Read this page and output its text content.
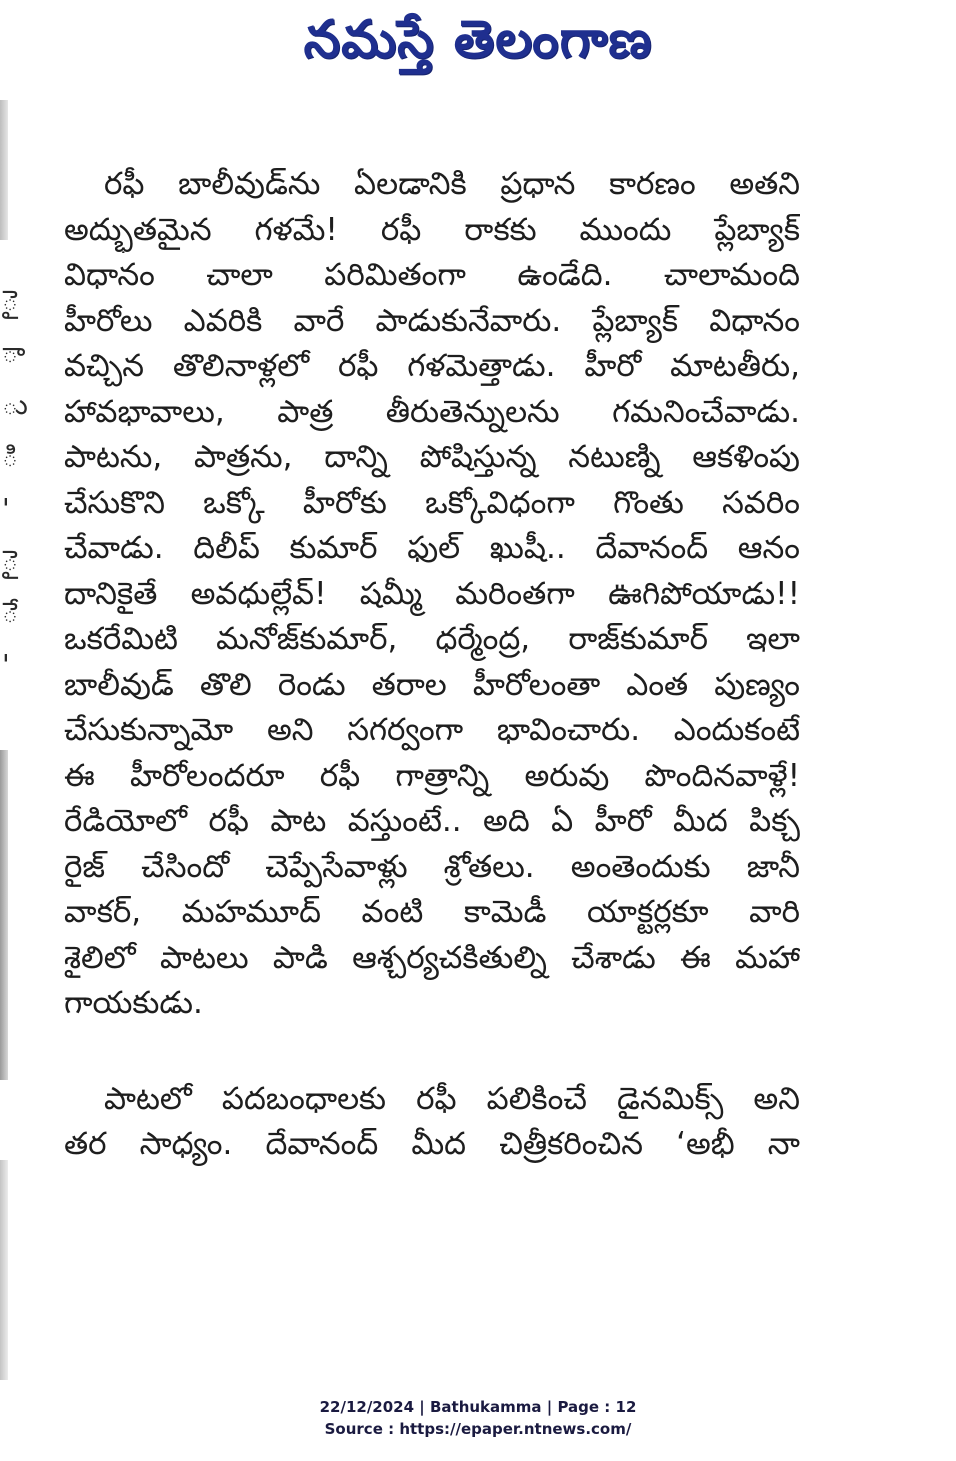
నమస్తే తెలంగాణ
ై
ా
ు
ి
'
ై
ే
'

రఫీ బాలీవుడ్‌ను ఏలడానికి ప్రధాన కారణం అతని
అద్భుతమైన గళమే! రఫీ రాకకు ముందు ప్లేబ్యాక్
విధానం చాలా పరిమితంగా ఉండేది. చాలామంది
హీరోలు ఎవరికి వారే పాడుకునేవారు. ప్లేబ్యాక్ విధానం
వచ్చిన తొలినాళ్లలో రఫీ గళమెత్తాడు. హీరో మాటతీరు,
హావభావాలు, పాత్ర తీరుతెన్నులను గమనించేవాడు.
పాటను, పాత్రను, దాన్ని పోషిస్తున్న నటుణ్ని ఆకళింపు
చేసుకొని ఒక్కో హీరోకు ఒక్కోవిధంగా గొంతు సవరిం
చేవాడు. దిలీప్ కుమార్ ఫుల్ ఖుషీ.. దేవానంద్ ఆనం
దానికైతే అవధుల్లేవ్! షమ్మీ మరింతగా ఊగిపోయాడు!!
ఒకరేమిటి మనోజ్‌కుమార్, ధర్మేంద్ర, రాజ్‌కుమార్ ఇలా
బాలీవుడ్ తొలి రెండు తరాల హీరోలంతా ఎంత పుణ్యం
చేసుకున్నామో అని సగర్వంగా భావించారు. ఎందుకంటే
ఈ హీరోలందరూ రఫీ గాత్రాన్ని అరువు పొందినవాళ్లే!
రేడియోలో రఫీ పాట వస్తుంటే.. అది ఏ హీరో మీద పిక్చ
రైజ్ చేసిందో చెప్పేసేవాళ్లు శ్రోతలు. అంతెందుకు జానీ
వాకర్, మహమూద్ వంటి కామెడీ యాక్టర్లకూ వారి
శైలిలో పాటలు పాడి ఆశ్చర్యచకితుల్ని చేశాడు ఈ మహా
గాయకుడు.

పాటలో పదబంధాలకు రఫీ పలికించే డైనమిక్స్ అని
తర సాధ్యం. దేవానంద్ మీద చిత్రీకరించిన ‘అభీ నా

22/12/2024 | Bathukamma | Page : 12
Source : https://epaper.ntnews.com/
